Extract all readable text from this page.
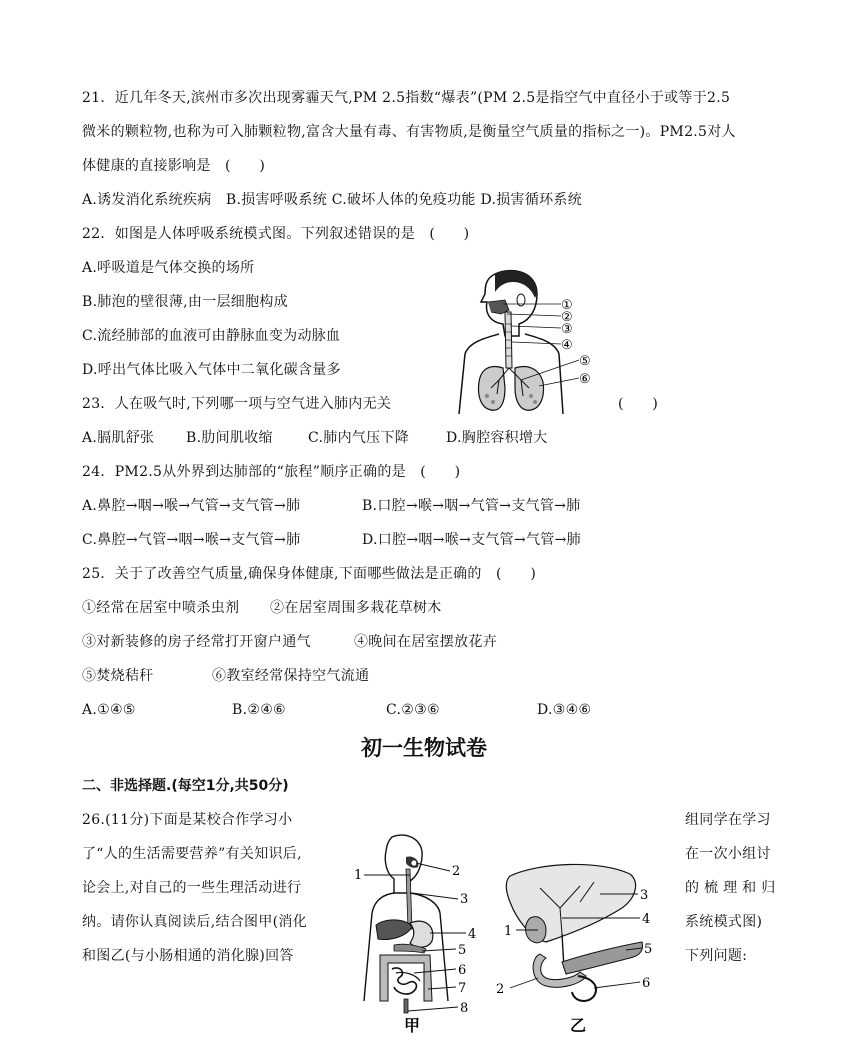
21．近几年冬天,滨州市多次出现雾霾天气,PM 2.5指数“爆表”(PM 2.5是指空气中直径小于或等于2.5
微米的颗粒物,也称为可入肺颗粒物,富含大量有毒、有害物质,是衡量空气质量的指标之一)。PM2.5对人
体健康的直接影响是　(　　)
A.诱发消化系统疾病　B.损害呼吸系统 C.破坏人体的免疫功能 D.损害循环系统
22．如图是人体呼吸系统模式图。下列叙述错误的是　(　　)
A.呼吸道是气体交换的场所
B.肺泡的壁很薄,由一层细胞构成
C.流经肺部的血液可由静脉血变为动脉血
D.呼出气体比吸入气体中二氧化碳含量多
①
②
③
④
⑤
⑥
23．人在吸气时,下列哪一项与空气进入肺内无关	(　　)
A.膈肌舒张 B.肋间肌收缩	C.肺内气压下降	D.胸腔容积增大
24．PM2.5从外界到达肺部的“旅程”顺序正确的是　(　　)
A.鼻腔→咽→喉→气管→支气管→肺	B.口腔→喉→咽→气管→支气管→肺
C.鼻腔→气管→咽→喉→支气管→肺	D.口腔→咽→喉→支气管→气管→肺
25．关于了改善空气质量,确保身体健康,下面哪些做法是正确的　(　　)
①经常在居室中喷杀虫剂 ②在居室周围多栽花草树木
③对新装修的房子经常打开窗户通气	④晚间在居室摆放花卉
⑤焚烧秸秆	⑥教室经常保持空气流通
A.①④⑤	B.②④⑥	C.②③⑥	D.③④⑥
初一生物试卷
二、非选择题.(每空1分,共50分)
26.(11分)下面是某校合作学习小	组同学在学习
了“人的生活需要营养”有关知识后,	在一次小组讨
论会上,对自己的一些生理活动进行	的 梳 理 和 归
纳。请你认真阅读后,结合图甲(消化	系统模式图)
和图乙(与小肠相通的消化腺)回答	下列问题:
1	2
3
4
5
6
7
8
甲
1
2
3
4
5
6
乙
